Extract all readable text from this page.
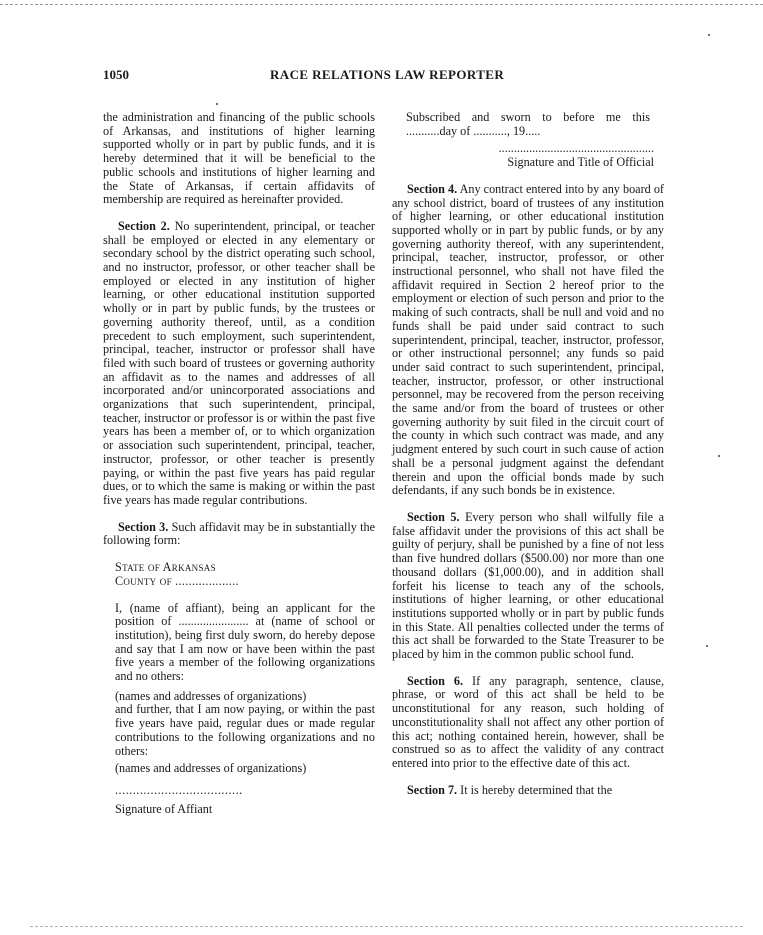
1050	RACE RELATIONS LAW REPORTER

the administration and financing of the public schools of Arkansas, and institutions of higher learning supported wholly or in part by public funds, and it is hereby determined that it will be beneficial to the public schools and institutions of higher learning and the State of Arkansas, if certain affidavits of membership are required as hereinafter provided.

Section 2. No superintendent, principal, or teacher shall be employed or elected in any elementary or secondary school by the district operating such school, and no instructor, professor, or other teacher shall be employed or elected in any institution of higher learning, or other educational institution supported wholly or in part by public funds, by the trustees or governing authority thereof, until, as a condition precedent to such employment, such superintendent, principal, teacher, instructor or professor shall have filed with such board of trustees or governing authority an affidavit as to the names and addresses of all incorporated and/or unincorporated associations and organizations that such superintendent, principal, teacher, instructor or professor is or within the past five years has been a member of, or to which organization or association such superintendent, principal, teacher, instructor, professor, or other teacher is presently paying, or within the past five years has paid regular dues, or to which the same is making or within the past five years has made regular contributions.

Section 3. Such affidavit may be in substantially the following form:

State of Arkansas

County of ...................

I, (name of affiant), being an applicant for the position of ....................... at (name of school or institution), being first duly sworn, do hereby depose and say that I am now or have been within the past five years a member of the following organizations and no others:

(names and addresses of organizations)

and further, that I am now paying, or within the past five years have paid, regular dues or made regular contributions to the following organizations and no others:

(names and addresses of organizations)

....................................

Signature of Affiant

Subscribed and sworn to before me this ...........day of ..........., 19.....

...................................................

Signature and Title of Official

Section 4. Any contract entered into by any board of any school district, board of trustees of any institution of higher learning, or other educational institution supported wholly or in part by public funds, or by any governing authority thereof, with any superintendent, principal, teacher, instructor, professor, or other instructional personnel, who shall not have filed the affidavit required in Section 2 hereof prior to the employment or election of such person and prior to the making of such contracts, shall be null and void and no funds shall be paid under said contract to such superintendent, principal, teacher, instructor, professor, or other instructional personnel; any funds so paid under said contract to such superintendent, principal, teacher, instructor, professor, or other instructional personnel, may be recovered from the person receiving the same and/or from the board of trustees or other governing authority by suit filed in the circuit court of the county in which such contract was made, and any judgment entered by such court in such cause of action shall be a personal judgment against the defendant therein and upon the official bonds made by such defendants, if any such bonds be in existence.

Section 5. Every person who shall wilfully file a false affidavit under the provisions of this act shall be guilty of perjury, shall be punished by a fine of not less than five hundred dollars ($500.00) nor more than one thousand dollars ($1,000.00), and in addition shall forfeit his license to teach any of the schools, institutions of higher learning, or other educational institutions supported wholly or in part by public funds in this State. All penalties collected under the terms of this act shall be forwarded to the State Treasurer to be placed by him in the common public school fund.

Section 6. If any paragraph, sentence, clause, phrase, or word of this act shall be held to be unconstitutional for any reason, such holding of unconstitutionality shall not affect any other portion of this act; nothing contained herein, however, shall be construed so as to affect the validity of any contract entered into prior to the effective date of this act.

Section 7. It is hereby determined that the
